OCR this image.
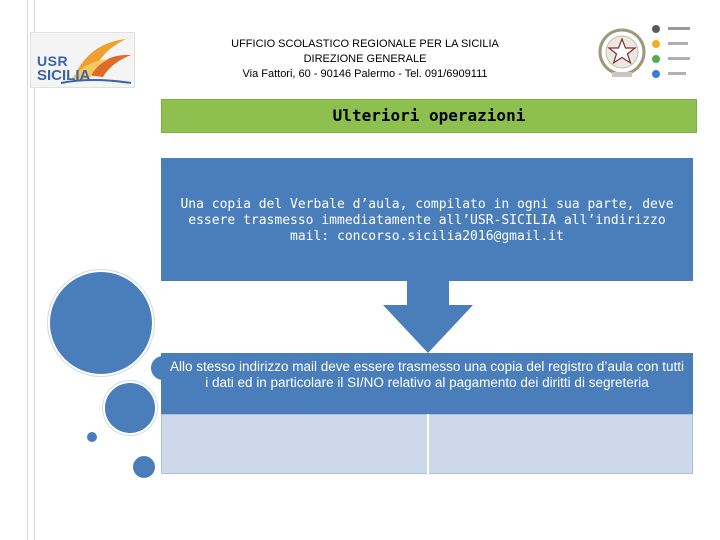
USR
SICILIA
UFFICIO SCOLASTICO REGIONALE PER LA SICILIA
DIREZIONE GENERALE
Via Fattori, 60 - 90146 Palermo - Tel. 091/6909111
Ulteriori operazioni

Una copia del Verbale d’aula, compilato in ogni sua parte, deve essere trasmesso immediatamente all’USR-SICILIA all’indirizzo mail: concorso.sicilia2016@gmail.it

Allo stesso indirizzo mail deve essere trasmesso una copia del registro d’aula con tutti i dati ed in particolare il SI/NO relativo al pagamento dei diritti di segreteria
